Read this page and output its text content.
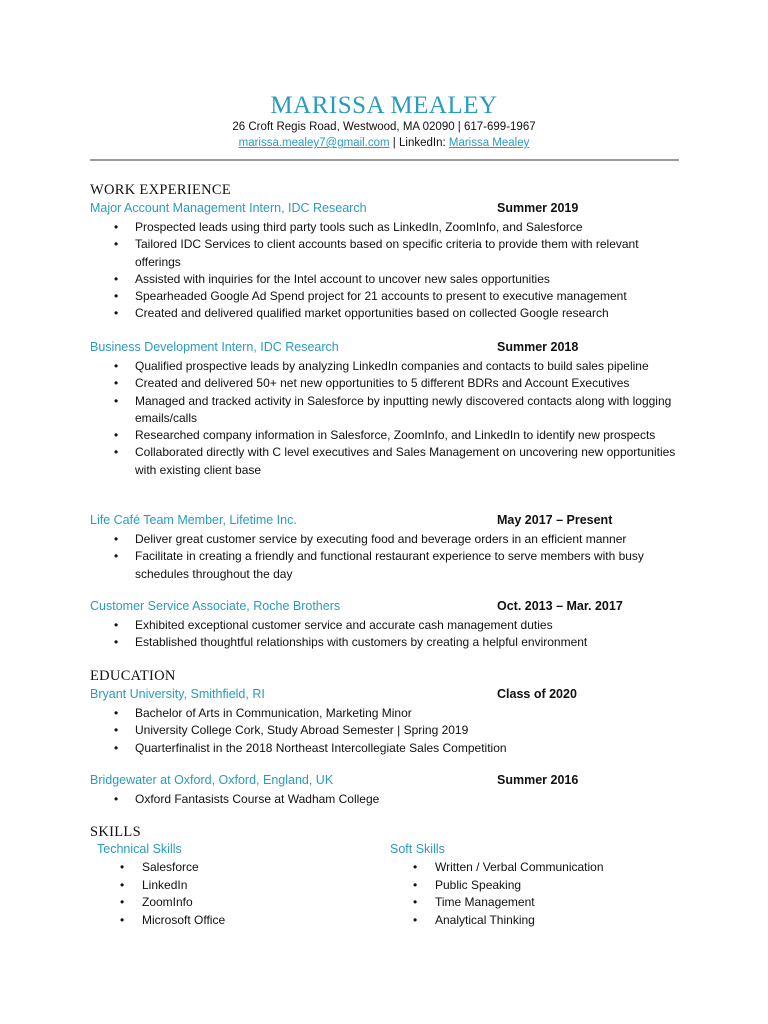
MARISSA MEALEY
26 Croft Regis Road, Westwood, MA 02090 | 617-699-1967
marissa.mealey7@gmail.com | LinkedIn: Marissa Mealey
WORK EXPERIENCE
Major Account Management Intern, IDC Research	Summer 2019
• Prospected leads using third party tools such as LinkedIn, ZoomInfo, and Salesforce
• Tailored IDC Services to client accounts based on specific criteria to provide them with relevant offerings
• Assisted with inquiries for the Intel account to uncover new sales opportunities
• Spearheaded Google Ad Spend project for 21 accounts to present to executive management
• Created and delivered qualified market opportunities based on collected Google research
Business Development Intern, IDC Research	Summer 2018
• Qualified prospective leads by analyzing LinkedIn companies and contacts to build sales pipeline
• Created and delivered 50+ net new opportunities to 5 different BDRs and Account Executives
• Managed and tracked activity in Salesforce by inputting newly discovered contacts along with logging emails/calls
• Researched company information in Salesforce, ZoomInfo, and LinkedIn to identify new prospects
• Collaborated directly with C level executives and Sales Management on uncovering new opportunities with existing client base
Life Café Team Member, Lifetime Inc.	May 2017 – Present
• Deliver great customer service by executing food and beverage orders in an efficient manner
• Facilitate in creating a friendly and functional restaurant experience to serve members with busy schedules throughout the day
Customer Service Associate, Roche Brothers	Oct. 2013 – Mar. 2017
• Exhibited exceptional customer service and accurate cash management duties
• Established thoughtful relationships with customers by creating a helpful environment
EDUCATION
Bryant University, Smithfield, RI	Class of 2020
• Bachelor of Arts in Communication, Marketing Minor
• University College Cork, Study Abroad Semester | Spring 2019
• Quarterfinalist in the 2018 Northeast Intercollegiate Sales Competition
Bridgewater at Oxford, Oxford, England, UK	Summer 2016
• Oxford Fantasists Course at Wadham College
SKILLS
Technical Skills
• Salesforce
• LinkedIn
• ZoomInfo
• Microsoft Office
Soft Skills
• Written / Verbal Communication
• Public Speaking
• Time Management
• Analytical Thinking
